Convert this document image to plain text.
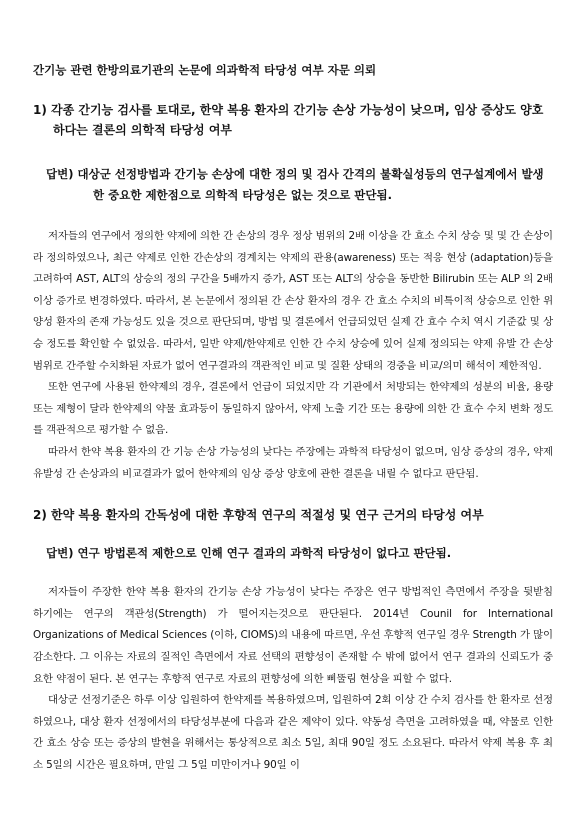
간기능 관련 한방의료기관의 논문에 의과학적 타당성 여부 자문 의뢰

1) 각종 간기능 검사를 토대로, 한약 복용 환자의 간기능 손상 가능성이 낮으며, 임상 증상도 양호하다는 결론의 의학적 타당성 여부

답변) 대상군 선정방법과 간기능 손상에 대한 정의 및 검사 간격의 불확실성등의 연구설계에서 발생한 중요한 제한점으로 의학적 타당성은 없는 것으로 판단됨.

저자들의 연구에서 정의한 약제에 의한 간 손상의 경우 정상 범위의 2배 이상을 간 효소 수치 상승 및 및 간 손상이라 정의하였으나, 최근 약제로 인한 간손상의 경계치는 약제의 관용(awareness) 또는 적응 현상 (adaptation)등을 고려하여 AST, ALT의 상승의 정의 구간을 5배까지 증가, AST 또는 ALT의 상승을 동반한 Bilirubin 또는 ALP 의 2배 이상 증가로 변경하였다. 따라서, 본 논문에서 정의된 간 손상 환자의 경우 간 효소 수치의 비특이적 상승으로 인한 위양성 환자의 존재 가능성도 있을 것으로 판단되며, 방법 및 결론에서 언급되었던 실제 간 효수 수치 역시 기준값 및 상승 정도를 확인할 수 없었음. 따라서, 일반 약제/한약제로 인한 간 수치 상승에 있어 실제 정의되는 약제 유발 간 손상 범위로 간주할 수치화된 자료가 없어 연구결과의 객관적인 비교 및 질환 상태의 경중을 비교/의미 해석이 제한적임.

또한 연구에 사용된 한약제의 경우, 결론에서 언급이 되었지만 각 기관에서 처방되는 한약제의 성분의 비율, 용량 또는 제형이 달라 한약제의 약물 효과등이 동일하지 않아서, 약제 노출 기간 또는 용량에 의한 간 효수 수치 변화 정도를 객관적으로 평가할 수 없음.

따라서 한약 복용 환자의 간 기능 손상 가능성의 낮다는 주장에는 과학적 타당성이 없으며, 임상 증상의 경우, 약제 유발성 간 손상과의 비교결과가 없어 한약제의 임상 증상 양호에 관한 결론을 내릴 수 없다고 판단됨.

2) 한약 복용 환자의 간독성에 대한 후향적 연구의 적절성 및 연구 근거의 타당성 여부

답변) 연구 방법론적 제한으로 인해 연구 결과의 과학적 타당성이 없다고 판단됨.

저자들이 주장한 한약 복용 환자의 간기능 손상 가능성이 낮다는 주장은 연구 방법적인 측면에서 주장을 뒷받침 하기에는 연구의 객관성(Strength) 가 떨어지는것으로 판단된다. 2014년 Counil for International Organizations of Medical Sciences (이하, CIOMS)의 내용에 따르면, 우선 후향적 연구일 경우 Strength 가 많이 감소한다. 그 이유는 자료의 질적인 측면에서 자료 선택의 편향성이 존재할 수 밖에 없어서 연구 결과의 신뢰도가 중요한 약점이 된다. 본 연구는 후향적 연구로 자료의 편향성에 의한 삐뚤림 현상을 피할 수 없다.

대상군 선정기준은 하루 이상 입원하여 한약제를 복용하였으며, 입원하여 2회 이상 간 수치 검사를 한 환자로 선정하였으나, 대상 환자 선정에서의 타당성부분에 다음과 같은 제약이 있다. 약동성 측면을 고려하였을 때, 약물로 인한 간 효소 상승 또는 증상의 발현을 위해서는 통상적으로 최소 5일, 최대 90일 정도 소요된다. 따라서 약제 복용 후 최소 5일의 시간은 필요하며, 만일 그 5일 미만이거나 90일 이
